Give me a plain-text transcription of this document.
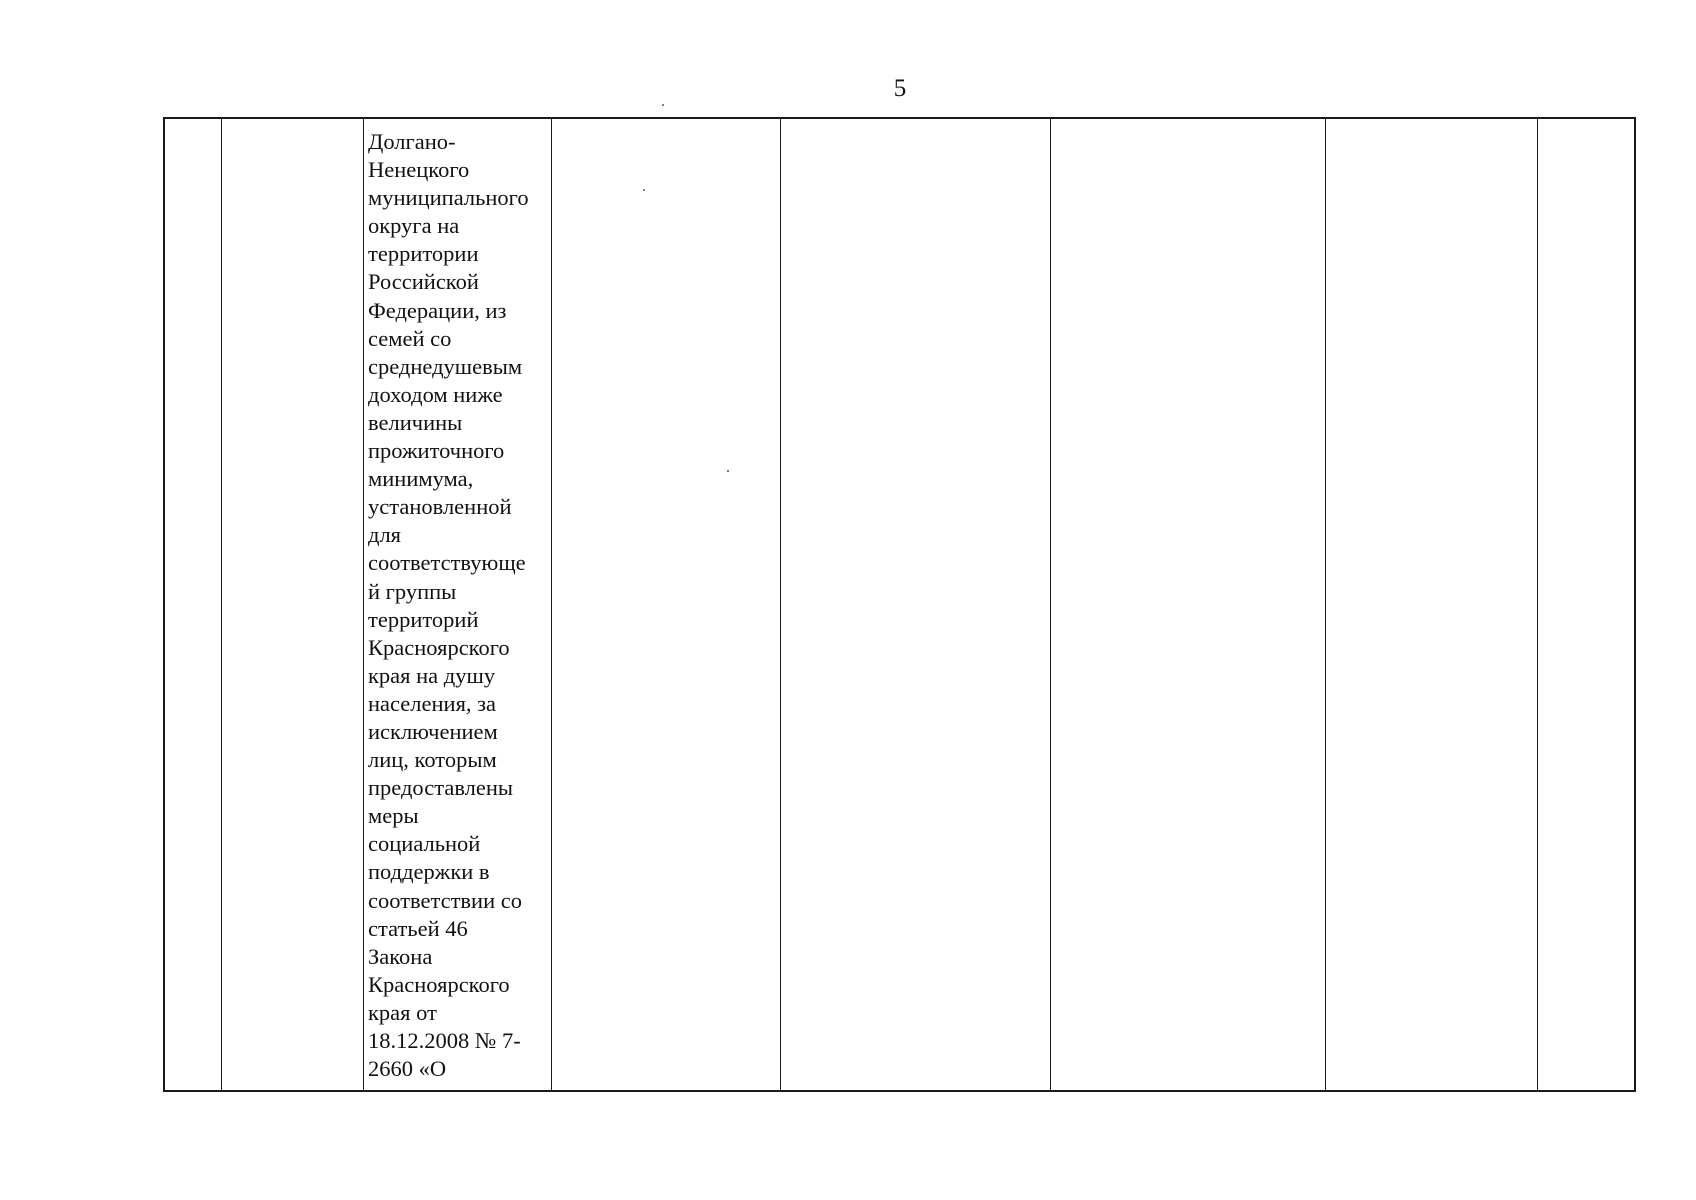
5
Долгано-
Ненецкого
муниципального
округа на
территории
Российской
Федерации, из
семей со
среднедушевым
доходом ниже
величины
прожиточного
минимума,
установленной
для
соответствующе
й группы
территорий
Красноярского
края на душу
населения, за
исключением
лиц, которым
предоставлены
меры
социальной
поддержки в
соответствии со
статьей 46
Закона
Красноярского
края от
18.12.2008 № 7-
2660 «О
